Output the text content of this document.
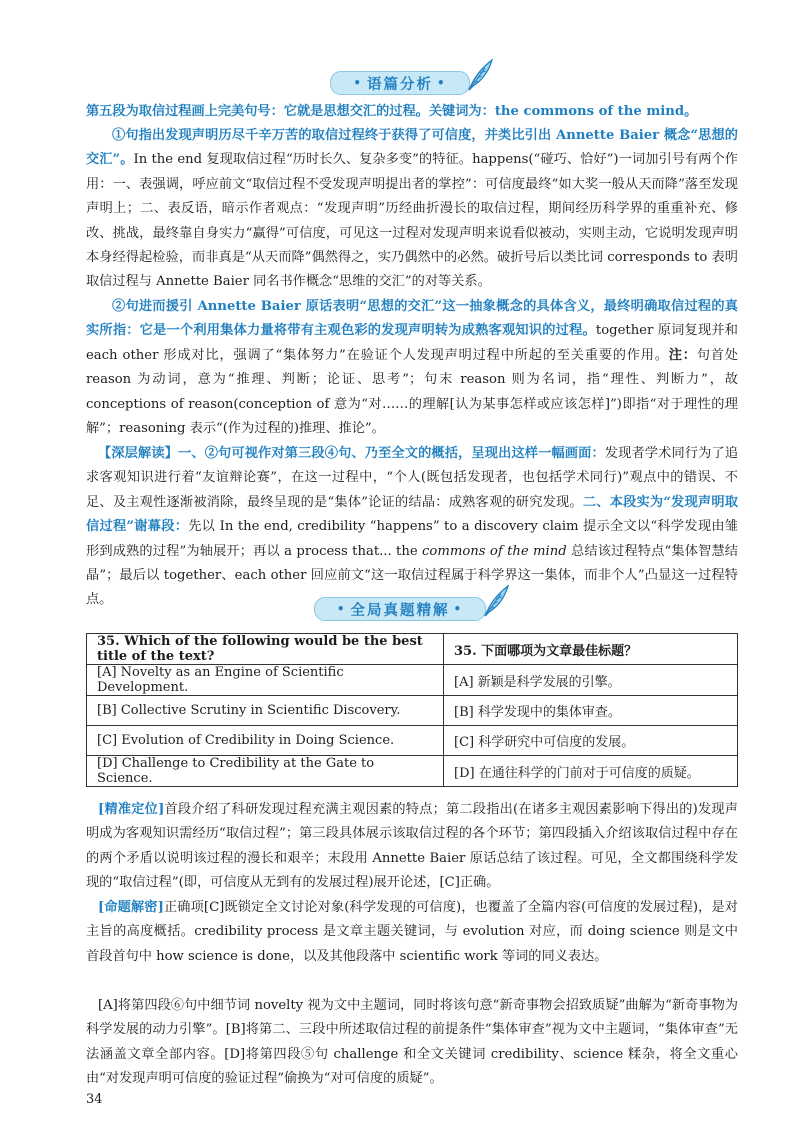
• 语篇分析 •
第五段为取信过程画上完美句号：它就是思想交汇的过程。关键词为：the commons of the mind。
①句指出发现声明历尽千辛万苦的取信过程终于获得了可信度，并类比引出 Annette Baier 概念“思想的交汇”。In the end 复现取信过程“历时长久、复杂多变”的特征。happens(“碰巧、恰好”)一词加引号有两个作用：一、表强调，呼应前文“取信过程不受发现声明提出者的掌控”：可信度最终“如大奖一般从天而降”落至发现声明上；二、表反语，暗示作者观点：“发现声明”历经曲折漫长的取信过程，期间经历科学界的重重补充、修改、挑战，最终靠自身实力“赢得”可信度，可见这一过程对发现声明来说看似被动，实则主动，它说明发现声明本身经得起检验，而非真是“从天而降”偶然得之，实乃偶然中的必然。破折号后以类比词 corresponds to 表明取信过程与 Annette Baier 同名书作概念“思维的交汇”的对等关系。
②句进而援引 Annette Baier 原话表明“思想的交汇”这一抽象概念的具体含义，最终明确取信过程的真实所指：它是一个利用集体力量将带有主观色彩的发现声明转为成熟客观知识的过程。together 原词复现并和 each other 形成对比，强调了“集体努力”在验证个人发现声明过程中所起的至关重要的作用。注：句首处 reason 为动词，意为“推理、判断；论证、思考”；句末 reason 则为名词，指“理性、判断力”，故 conceptions of reason(conception of 意为“对……的理解[认为某事怎样或应该怎样]”)即指“对于理性的理解”；reasoning 表示“(作为过程的)推理、推论”。
【深层解读】一、②句可视作对第三段④句、乃至全文的概括，呈现出这样一幅画面：发现者学术同行为了追求客观知识进行着“友谊辩论赛”，在这一过程中，“个人(既包括发现者，也包括学术同行)”观点中的错误、不足、及主观性逐渐被消除，最终呈现的是“集体”论证的结晶：成熟客观的研究发现。二、本段实为“发现声明取信过程”谢幕段：先以 In the end, credibility “happens” to a discovery claim 提示全文以“科学发现由雏形到成熟的过程”为轴展开；再以 a process that... the commons of the mind 总结该过程特点“集体智慧结晶”；最后以 together、each other 回应前文“这一取信过程属于科学界这一集体，而非个人”凸显这一过程特点。
• 全局真题精解 •
35. Which of the following would be the best title of the text?	35. 下面哪项为文章最佳标题？
[A] Novelty as an Engine of Scientific Development.	[A] 新颖是科学发展的引擎。
[B] Collective Scrutiny in Scientific Discovery.	[B] 科学发现中的集体审查。
[C] Evolution of Credibility in Doing Science.	[C] 科学研究中可信度的发展。
[D] Challenge to Credibility at the Gate to Science.	[D] 在通往科学的门前对于可信度的质疑。
[精准定位]首段介绍了科研发现过程充满主观因素的特点；第二段指出(在诸多主观因素影响下得出的)发现声明成为客观知识需经历“取信过程”；第三段具体展示该取信过程的各个环节；第四段插入介绍该取信过程中存在的两个矛盾以说明该过程的漫长和艰辛；末段用 Annette Baier 原话总结了该过程。可见，全文都围绕科学发现的“取信过程”(即，可信度从无到有的发展过程)展开论述，[C]正确。
[命题解密]正确项[C]既锁定全文讨论对象(科学发现的可信度)，也覆盖了全篇内容(可信度的发展过程)，是对主旨的高度概括。credibility process 是文章主题关键词，与 evolution 对应，而 doing science 则是文中首段首句中 how science is done，以及其他段落中 scientific work 等词的同义表达。
[A]将第四段⑥句中细节词 novelty 视为文中主题词，同时将该句意“新奇事物会招致质疑”曲解为“新奇事物为科学发展的动力引擎”。[B]将第二、三段中所述取信过程的前提条件“集体审查”视为文中主题词，“集体审查”无法涵盖文章全部内容。[D]将第四段⑤句 challenge 和全文关键词 credibility、science 糅杂，将全文重心由“对发现声明可信度的验证过程”偷换为“对可信度的质疑”。
34
